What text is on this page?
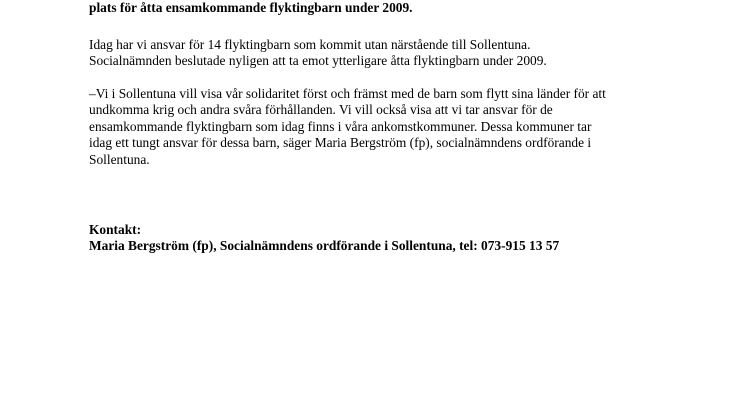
plats för åtta ensamkommande flyktingbarn under 2009.

Idag har vi ansvar för 14 flyktingbarn som kommit utan närstående till Sollentuna.
Socialnämnden beslutade nyligen att ta emot ytterligare åtta flyktingbarn under 2009.
–Vi i Sollentuna vill visa vår solidaritet först och främst med de barn som flytt sina länder för att
undkomma krig och andra svåra förhållanden. Vi vill också visa att vi tar ansvar för de
ensamkommande flyktingbarn som idag finns i våra ankomstkommuner. Dessa kommuner tar
idag ett tungt ansvar för dessa barn, säger Maria Bergström (fp), socialnämndens ordförande i
Sollentuna.
Kontakt:
Maria Bergström (fp), Socialnämndens ordförande i Sollentuna, tel: 073-915 13 57
